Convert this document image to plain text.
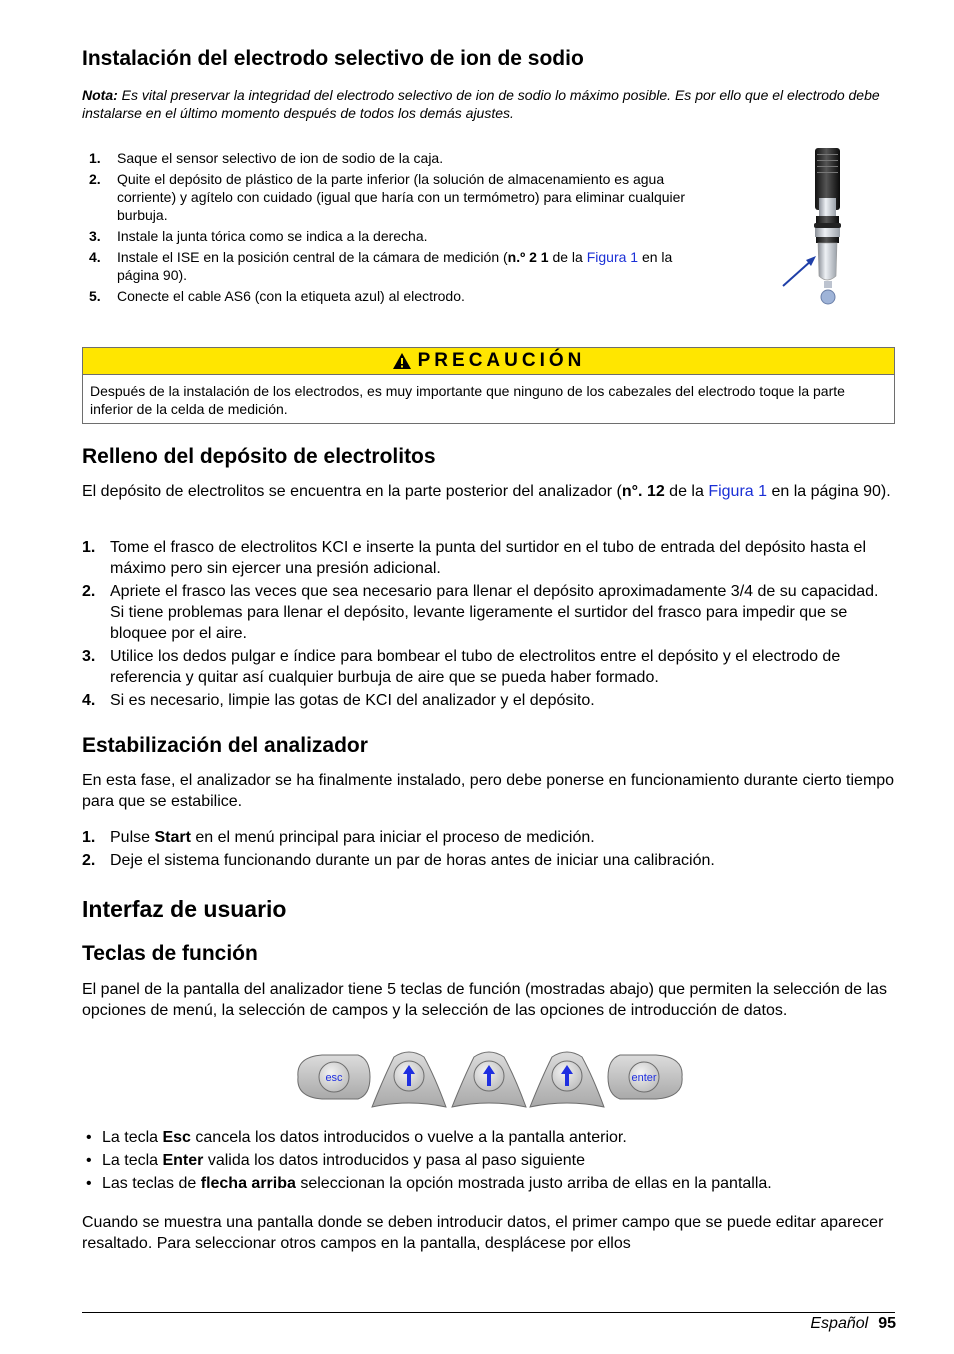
Instalación del electrodo selectivo de ion de sodio
Nota: Es vital preservar la integridad del electrodo selectivo de ion de sodio lo máximo posible. Es por ello que el electrodo debe instalarse en el último momento después de todos los demás ajustes.
1. Saque el sensor selectivo de ion de sodio de la caja.
2. Quite el depósito de plástico de la parte inferior (la solución de almacenamiento es agua corriente) y agítelo con cuidado (igual que haría con un termómetro) para eliminar cualquier burbuja.
3. Instale la junta tórica como se indica a la derecha.
4. Instale el ISE en la posición central de la cámara de medición (n.º 2 1 de la Figura 1 en la página 90).
5. Conecte el cable AS6 (con la etiqueta azul) al electrodo.
PRECAUCIÓN
Después de la instalación de los electrodos, es muy importante que ninguno de los cabezales del electrodo toque la parte inferior de la celda de medición.
Relleno del depósito de electrolitos
El depósito de electrolitos se encuentra en la parte posterior del analizador (n°. 12 de la Figura 1 en la página 90).
1. Tome el frasco de electrolitos KCI e inserte la punta del surtidor en el tubo de entrada del depósito hasta el máximo pero sin ejercer una presión adicional.
2. Apriete el frasco las veces que sea necesario para llenar el depósito aproximadamente 3/4 de su capacidad. Si tiene problemas para llenar el depósito, levante ligeramente el surtidor del frasco para impedir que se bloquee por el aire.
3. Utilice los dedos pulgar e índice para bombear el tubo de electrolitos entre el depósito y el electrodo de referencia y quitar así cualquier burbuja de aire que se pueda haber formado.
4. Si es necesario, limpie las gotas de KCI del analizador y el depósito.
Estabilización del analizador
En esta fase, el analizador se ha finalmente instalado, pero debe ponerse en funcionamiento durante cierto tiempo para que se estabilice.
1. Pulse Start en el menú principal para iniciar el proceso de medición.
2. Deje el sistema funcionando durante un par de horas antes de iniciar una calibración.
Interfaz de usuario
Teclas de función
El panel de la pantalla del analizador tiene 5 teclas de función (mostradas abajo) que permiten la selección de las opciones de menú, la selección de campos y la selección de las opciones de introducción de datos.
esc	enter
• La tecla Esc cancela los datos introducidos o vuelve a la pantalla anterior.
• La tecla Enter valida los datos introducidos y pasa al paso siguiente
• Las teclas de flecha arriba seleccionan la opción mostrada justo arriba de ellas en la pantalla.
Cuando se muestra una pantalla donde se deben introducir datos, el primer campo que se puede editar aparecer resaltado. Para seleccionar otros campos en la pantalla, desplácese por ellos
Español 95
